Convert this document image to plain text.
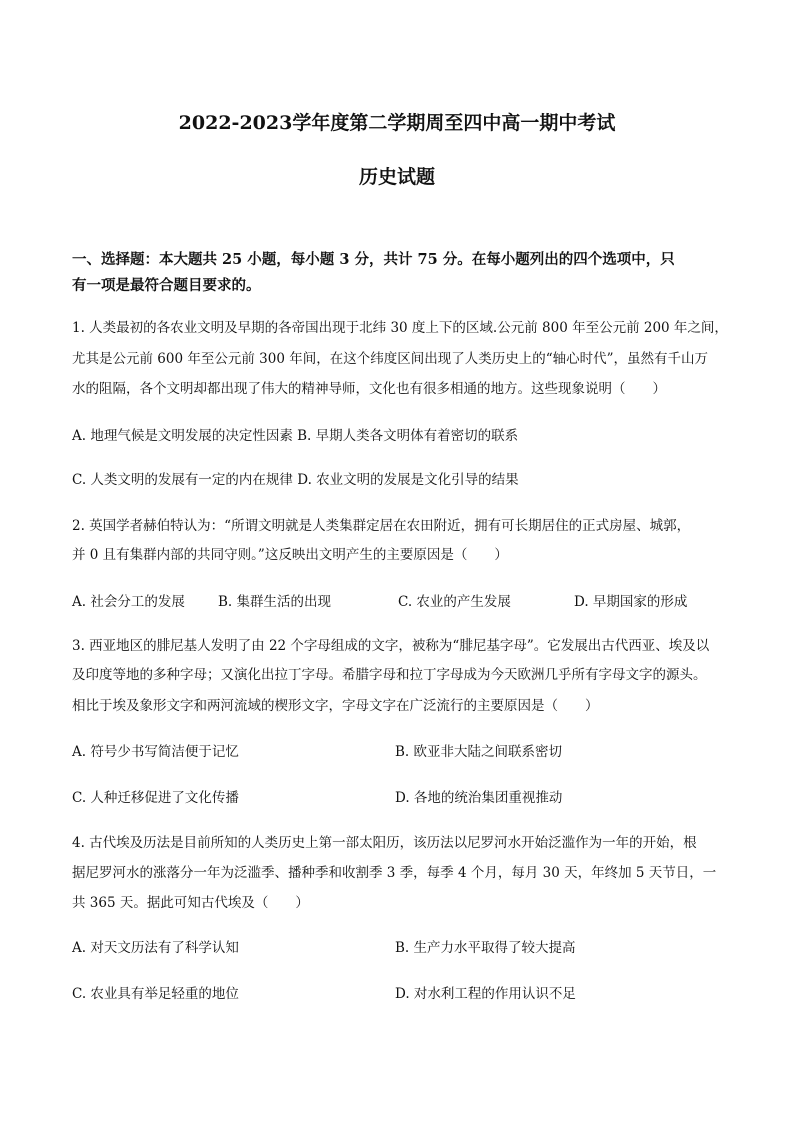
2022-2023学年度第二学期周至四中高一期中考试
历史试题
一、选择题：本大题共 25 小题，每小题 3 分，共计 75 分。在每小题列出的四个选项中，只
有一项是最符合题目要求的。
1. 人类最初的各农业文明及早期的各帝国出现于北纬 30 度上下的区域.公元前 800 年至公元前 200 年之间，
尤其是公元前 600 年至公元前 300 年间，在这个纬度区间出现了人类历史上的“轴心时代”，虽然有千山万
水的阻隔，各个文明却都出现了伟大的精神导师，文化也有很多相通的地方。这些现象说明（　　）
A. 地理气候是文明发展的决定性因素 B. 早期人类各文明体有着密切的联系
C. 人类文明的发展有一定的内在规律 D. 农业文明的发展是文化引导的结果
2. 英国学者赫伯特认为：“所谓文明就是人类集群定居在农田附近，拥有可长期居住的正式房屋、城郭，
并 0 且有集群内部的共同守则。”这反映出文明产生的主要原因是（　　）
A. 社会分工的发展 B. 集群生活的出现	C. 农业的产生发展	D. 早期国家的形成
3. 西亚地区的腓尼基人发明了由 22 个字母组成的文字，被称为“腓尼基字母”。它发展出古代西亚、埃及以
及印度等地的多种字母；又演化出拉丁字母。希腊字母和拉丁字母成为今天欧洲几乎所有字母文字的源头。
相比于埃及象形文字和两河流域的楔形文字，字母文字在广泛流行的主要原因是（　　）
A. 符号少书写简洁便于记忆	B. 欧亚非大陆之间联系密切
C. 人种迁移促进了文化传播	D. 各地的统治集团重视推动
4. 古代埃及历法是目前所知的人类历史上第一部太阳历，该历法以尼罗河水开始泛滥作为一年的开始，根
据尼罗河水的涨落分一年为泛滥季、播种季和收割季 3 季，每季 4 个月，每月 30 天，年终加 5 天节日，一
共 365 天。据此可知古代埃及（　　）
A. 对天文历法有了科学认知	B. 生产力水平取得了较大提高
C. 农业具有举足轻重的地位	D. 对水利工程的作用认识不足
